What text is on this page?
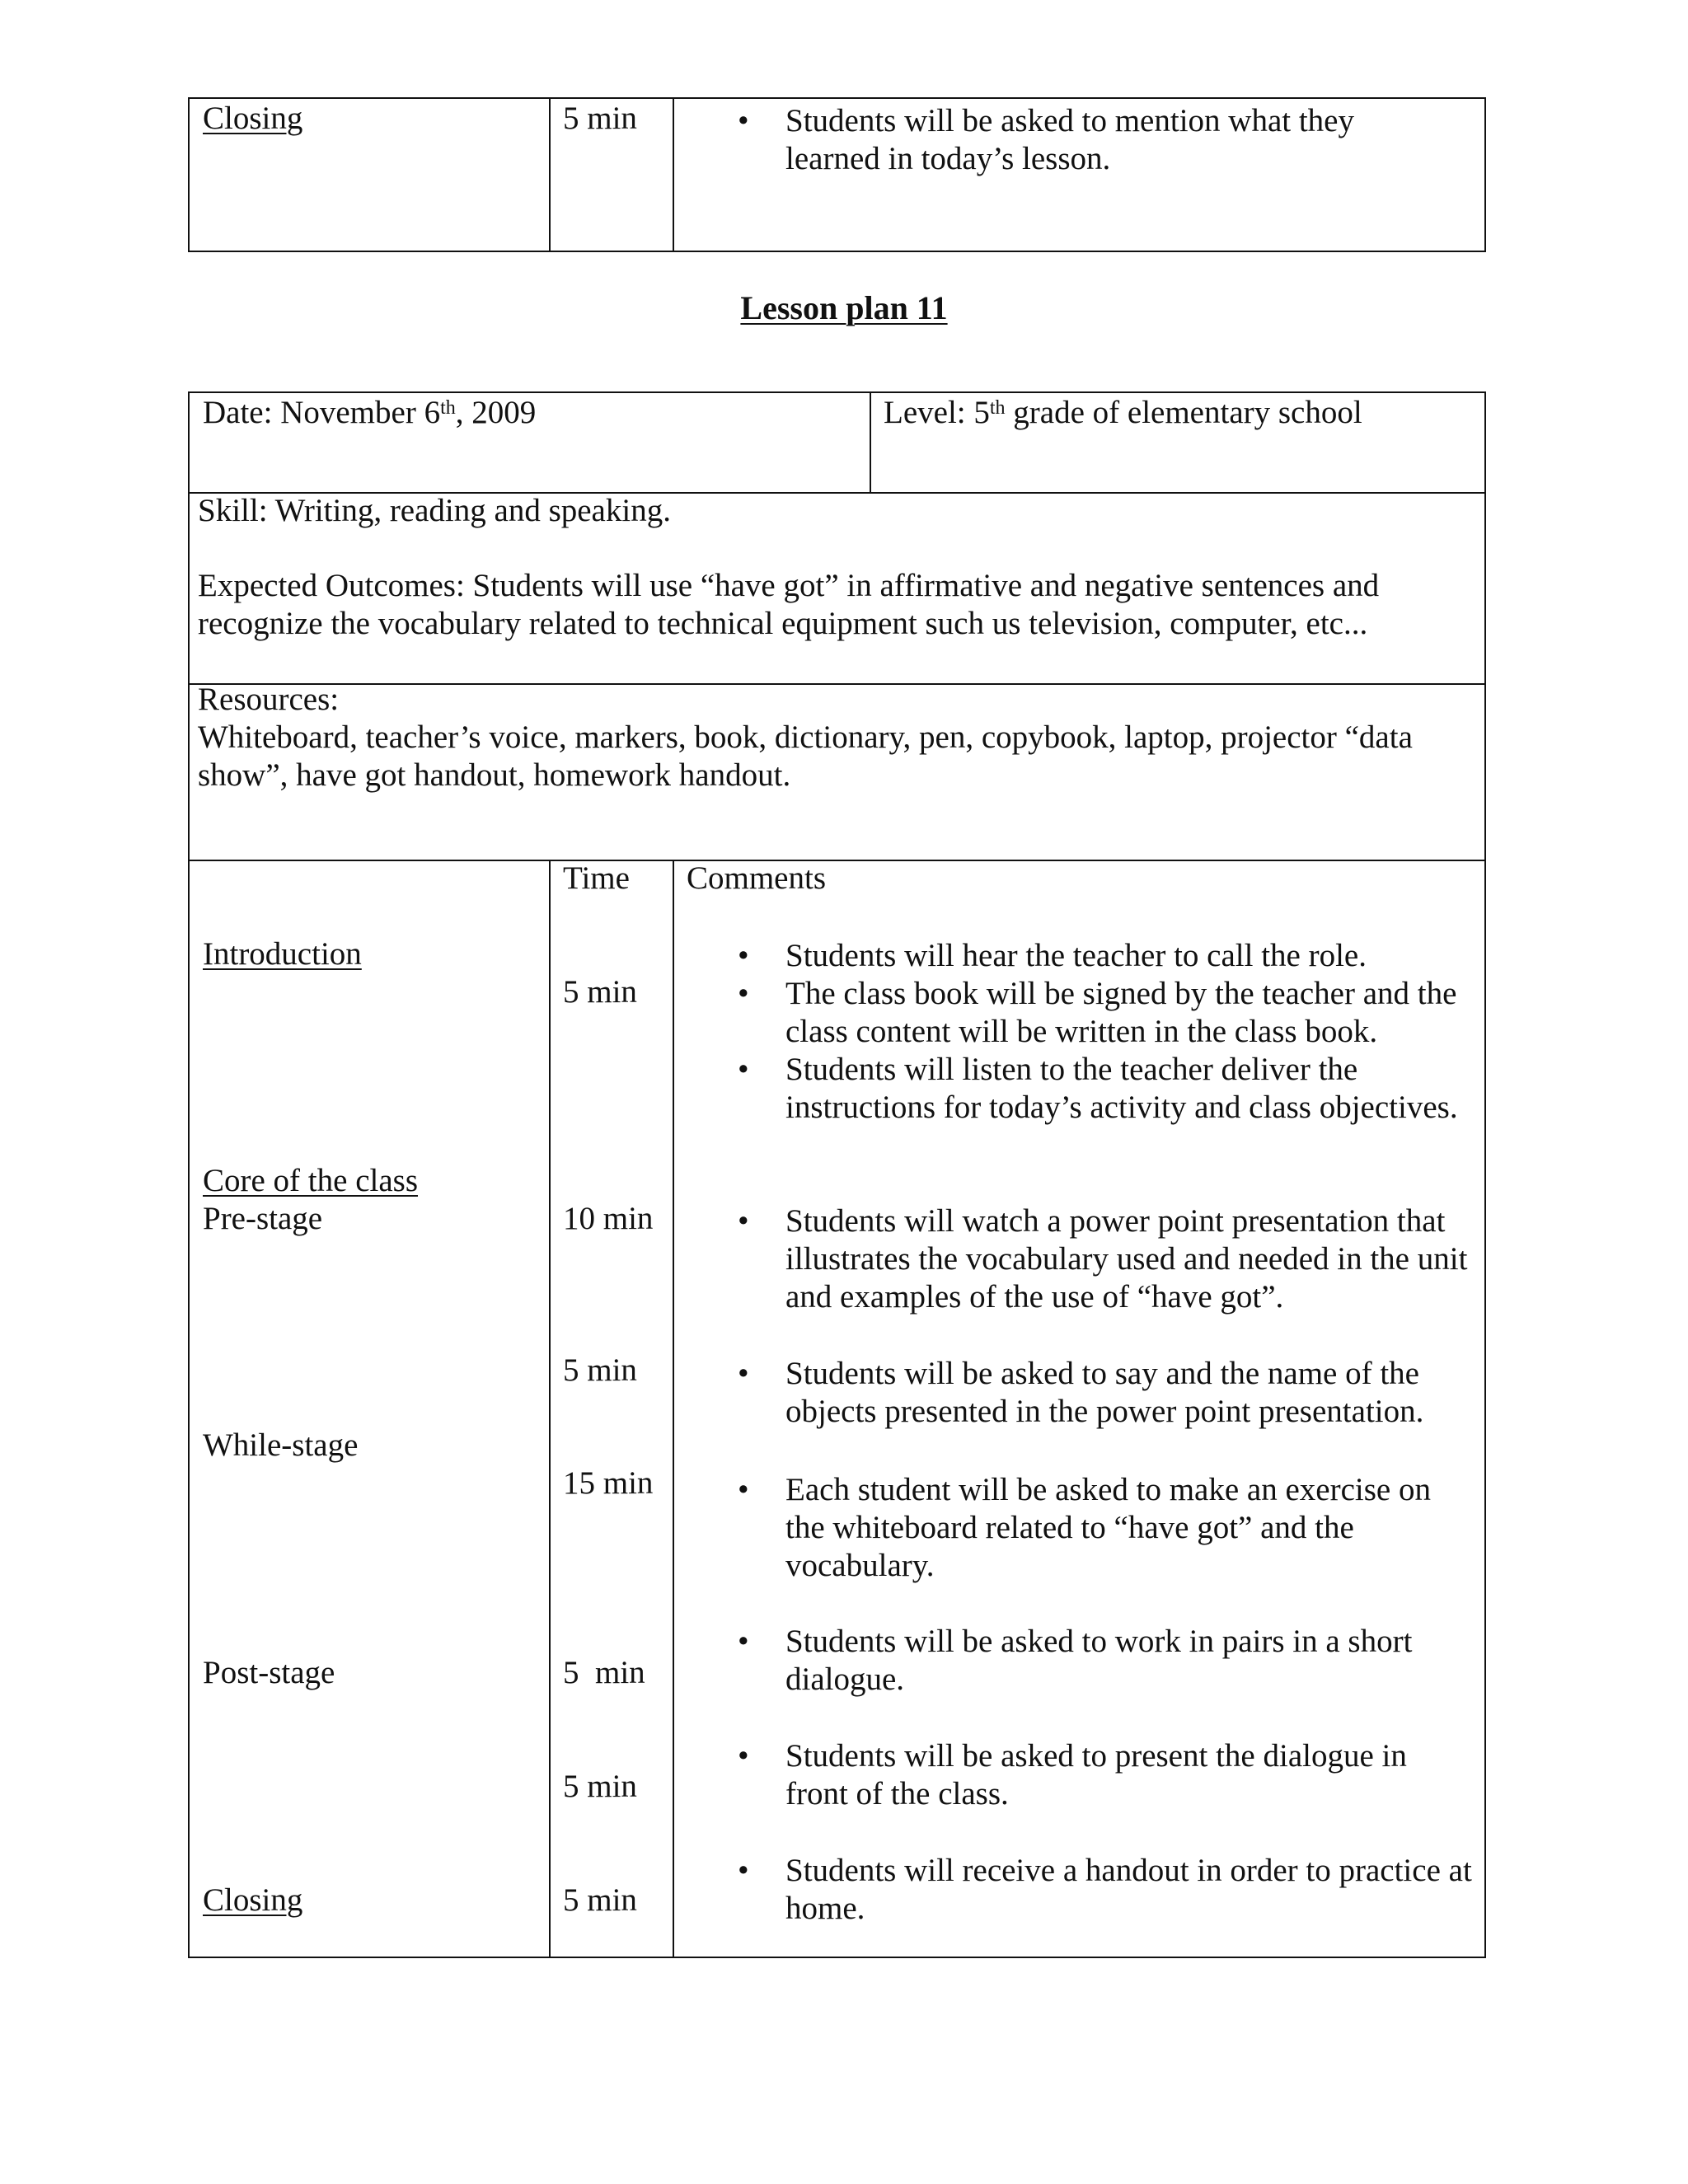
Closing	5 min
•	Students will be asked to mention what they learned in today’s lesson.
Lesson plan 11
Date: November 6th, 2009	Level: 5th grade of elementary school
Skill: Writing, reading and speaking.
Expected Outcomes: Students will use “have got” in affirmative and negative sentences and recognize the vocabulary related to technical equipment such us television, computer, etc...
Resources:
Whiteboard, teacher’s voice, markers, book, dictionary, pen, copybook, laptop, projector “data show”, have got handout, homework handout.
Time Comments
Introduction
Core of the class
Pre-stage
While-stage
Post-stage
Closing
5 min
10 min
5 min
15 min
5  min
5 min
5 min
• Students will hear the teacher to call the role.
• The class book will be signed by the teacher and the class content will be written in the class book.
• Students will listen to the teacher deliver the instructions for today’s activity and class objectives.
• Students will watch a power point presentation that illustrates the vocabulary used and needed in the unit and examples of the use of “have got”.
• Students will be asked to say and the name of the objects presented in the power point presentation.
• Each student will be asked to make an exercise on the whiteboard related to “have got” and the vocabulary.
• Students will be asked to work in pairs in a short dialogue.
• Students will be asked to present the dialogue in front of the class.
• Students will receive a handout in order to practice at home.
